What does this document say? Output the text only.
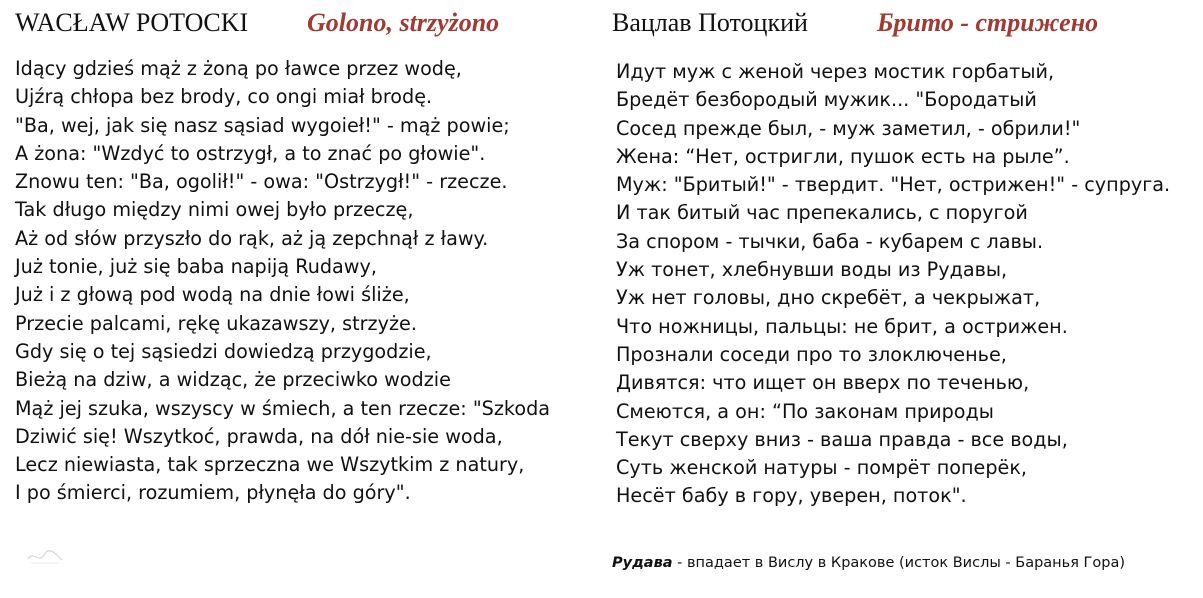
WACŁAW POTOCKI Golono, strzyżono
Idący gdzieś mąż z żoną po ławce przez wodę,
Ujźrą chłopa bez brody, co ongi miał brodę.
"Ba, wej, jak się nasz sąsiad wygoieł!" - mąż powie;
A żona: "Wzdyć to ostrzygł, a to znać po głowie".
Znowu ten: "Ba, ogolił!" - owa: "Ostrzygł!" - rzecze.
Tak długo między nimi owej było przeczę,
Aż od słów przyszło do rąk, aż ją zepchnął z ławy.
Już tonie, już się baba napiją Rudawy,
Już i z głową pod wodą na dnie łowi śliże,
Przecie palcami, rękę ukazawszy, strzyże.
Gdy się o tej sąsiedzi dowiedzą przygodzie,
Bieżą na dziw, a widząc, że przeciwko wodzie
Mąż jej szuka, wszyscy w śmiech, a ten rzecze: "Szkoda
Dziwić się! Wszytkoć, prawda, na dół nie-sie woda,
Lecz niewiasta, tak sprzeczna we Wszytkim z natury,
I po śmierci, rozumiem, płynęła do góry".
Вацлав Потоцкий	Брито - стрижено
Идут муж с женой через мостик горбатый,
Бредёт безбородый мужик... "Бородатый
Сосед прежде был, - муж заметил, - обрили!"
Жена: “Нет, остригли, пушок есть на рыле”.
Муж: "Бритый!" - твердит. "Нет, острижен!" - супруга.
И так битый час препекались, с поругой
За спором - тычки, баба - кубарем с лавы.
Уж тонет, хлебнувши воды из Рудавы,
Уж нет головы, дно скребёт, а чекрыжат,
Что ножницы, пальцы: не брит, а острижен.
Прознали соседи про то злоключенье,
Дивятся: что ищет он вверх по теченью,
Смеются, а он: “По законам природы
Текут сверху вниз - ваша правда - все воды,
Суть женской натуры - помрёт поперёк,
Несёт бабу в гору, уверен, поток".
Рудава - впадает в Вислу в Кракове (исток Вислы - Баранья Гора)
